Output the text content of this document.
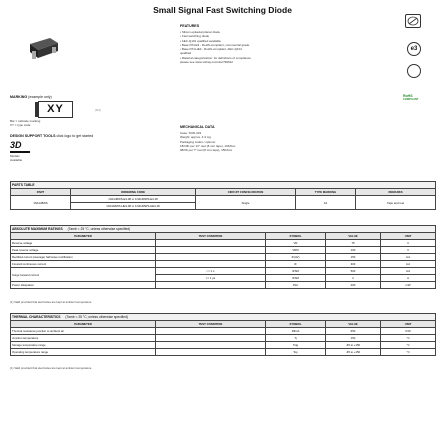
Small Signal Fast Switching Diode
MARKING (example only)
XY	(D4)
Bar = cathode marking
XY = type code
DESIGN SUPPORT TOOLS click logo to get started
3D
Models
Available
FEATURES
• Silicon epitaxial planar diode
• Fast switching diode
• AEC-Q101 qualified available
• Base P/N-E3 - RoHS-compliant, commercial grade
• Base P/N-HE3 - RoHS-compliant, AEC-Q101
qualified
• Material categorization: for definitions of compliance
please see www.vishay.com/doc?99912
e3
RoHS
COMPLIANT
MECHANICAL DATA
Case: SOD-323
Weight: approx. 4.3 mg
Packaging codes / options:
18/10K per 13" reel (8 mm tape), 10K/box
08/3K per 7" reel (8 mm tape), 15K/box
PARTS TABLE				
PART	ORDERING CODE	CIRCUIT CONFIGURATION	TYPE MARKING	REMARKS
1N4148WS	1N4148WS-E3-08 or 1N4148WS-E3-18	Single	A2	Tape and reel
	1N4148WS-HE3-08 or 1N4148WS-HE3-18			
ABSOLUTE MAXIMUM RATINGS (Tamb = 25 °C, unless otherwise specified)				
PARAMETER	TEST CONDITION	SYMBOL	VALUE	UNIT
Reverse voltage		VR	75	V
Peak reverse voltage		VRM	100	V
Rectified current (average) half wave rectification		IF(AV)	150	mA
Forward continuous current		IF	300	mA
Surge forward current	t = 1 s	IFSM	500	mA
	t = 1 μs	IFSM	2	A
Power dissipation		Ptot	200	mW
(1) Valid provided that electrodes are kept at ambient temperature
THERMAL CHARACTERISTICS (Tamb = 25 °C, unless otherwise specified)				
PARAMETER	TEST CONDITION	SYMBOL	VALUE	UNIT
Thermal resistance junction to ambient air		RthJA	650	K/W
Junction temperature		Tj	150	°C
Storage temperature range		Tstg	-65 to +150	°C
Operating temperature range		Top	-65 to +150	°C
(1) Valid provided that electrodes are kept at ambient temperature
